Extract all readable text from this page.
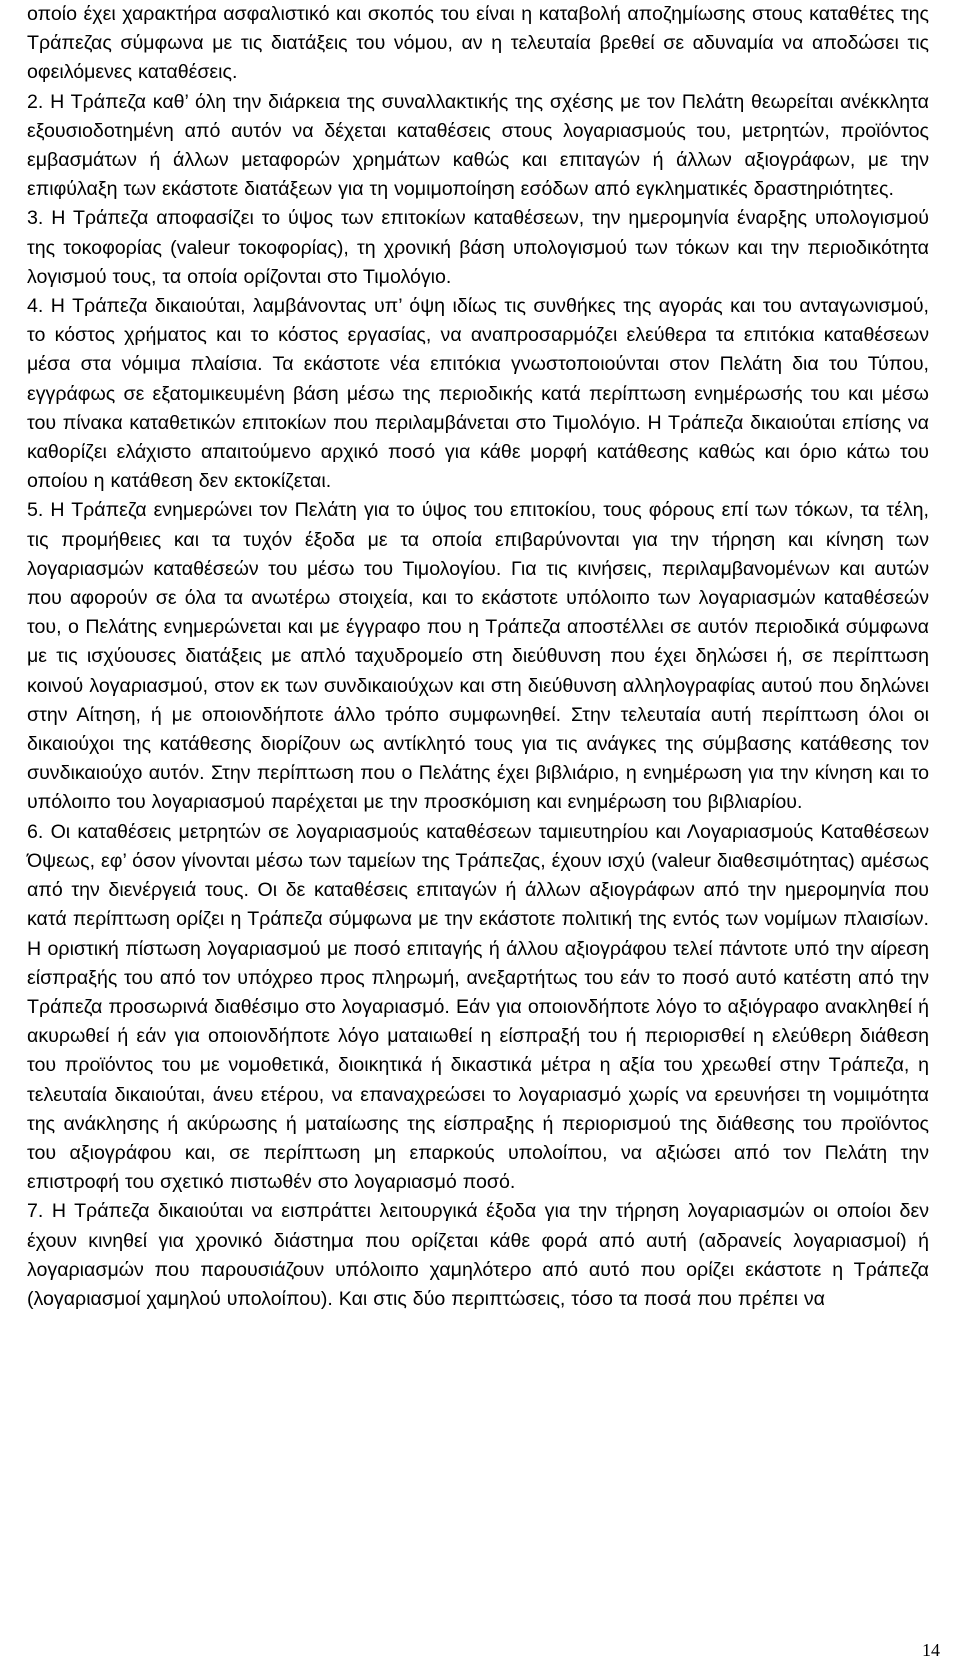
οποίο έχει χαρακτήρα ασφαλιστικό και σκοπός του είναι η καταβολή αποζημίωσης στους καταθέτες της Τράπεζας σύμφωνα με τις διατάξεις του νόμου, αν η τελευταία βρεθεί σε αδυναμία να αποδώσει τις οφειλόμενες καταθέσεις.

2. Η Τράπεζα καθ’ όλη την διάρκεια της συναλλακτικής της σχέσης με τον Πελάτη θεωρείται ανέκκλητα εξουσιοδοτημένη από αυτόν να δέχεται καταθέσεις στους λογαριασμούς του, μετρητών, προϊόντος εμβασμάτων ή άλλων μεταφορών χρημάτων καθώς και επιταγών ή άλλων αξιογράφων, με την επιφύλαξη των εκάστοτε διατάξεων για τη νομιμοποίηση εσόδων από εγκληματικές δραστηριότητες.

3. Η Τράπεζα αποφασίζει το ύψος των επιτοκίων καταθέσεων, την ημερομηνία έναρξης υπολογισμού της τοκοφορίας (valeur τοκοφορίας), τη χρονική βάση υπολογισμού των τόκων και την περιοδικότητα λογισμού τους, τα οποία ορίζονται στο Τιμολόγιο.

4. Η Τράπεζα δικαιούται, λαμβάνοντας υπ’ όψη ιδίως τις συνθήκες της αγοράς και του ανταγωνισμού, το κόστος χρήματος και το κόστος εργασίας, να αναπροσαρμόζει ελεύθερα τα επιτόκια καταθέσεων μέσα στα νόμιμα πλαίσια. Τα εκάστοτε νέα επιτόκια γνωστοποιούνται στον Πελάτη δια του Τύπου, εγγράφως σε εξατομικευμένη βάση μέσω της περιοδικής κατά περίπτωση ενημέρωσής του και μέσω του πίνακα καταθετικών επιτοκίων που περιλαμβάνεται στο Τιμολόγιο. Η Τράπεζα δικαιούται επίσης να καθορίζει ελάχιστο απαιτούμενο αρχικό ποσό για κάθε μορφή κατάθεσης καθώς και όριο κάτω του οποίου η κατάθεση δεν εκτοκίζεται.

5. Η Τράπεζα ενημερώνει τον Πελάτη για το ύψος του επιτοκίου, τους φόρους επί των τόκων, τα τέλη, τις προμήθειες και τα τυχόν έξοδα με τα οποία επιβαρύνονται για την τήρηση και κίνηση των λογαριασμών καταθέσεών του μέσω του Τιμολογίου. Για τις κινήσεις, περιλαμβανομένων και αυτών που αφορούν σε όλα τα ανωτέρω στοιχεία, και το εκάστοτε υπόλοιπο των λογαριασμών καταθέσεών του, ο Πελάτης ενημερώνεται και με έγγραφο που η Τράπεζα αποστέλλει σε αυτόν περιοδικά σύμφωνα με τις ισχύουσες διατάξεις με απλό ταχυδρομείο στη διεύθυνση που έχει δηλώσει ή, σε περίπτωση κοινού λογαριασμού, στον εκ των συνδικαιούχων και στη διεύθυνση αλληλογραφίας αυτού που δηλώνει στην Αίτηση, ή με οποιονδήποτε άλλο τρόπο συμφωνηθεί. Στην τελευταία αυτή περίπτωση όλοι οι δικαιούχοι της κατάθεσης διορίζουν ως αντίκλητό τους για τις ανάγκες της σύμβασης κατάθεσης τον συνδικαιούχο αυτόν. Στην περίπτωση που ο Πελάτης έχει βιβλιάριο, η ενημέρωση για την κίνηση και το υπόλοιπο του λογαριασμού παρέχεται με την προσκόμιση και ενημέρωση του βιβλιαρίου.

6. Οι καταθέσεις μετρητών σε λογαριασμούς καταθέσεων ταμιευτηρίου και Λογαριασμούς Καταθέσεων Όψεως, εφ’ όσον γίνονται μέσω των ταμείων της Τράπεζας, έχουν ισχύ (valeur διαθεσιμότητας) αμέσως από την διενέργειά τους. Οι δε καταθέσεις επιταγών ή άλλων αξιογράφων από την ημερομηνία που κατά περίπτωση ορίζει η Τράπεζα σύμφωνα με την εκάστοτε πολιτική της εντός των νομίμων πλαισίων. Η οριστική πίστωση λογαριασμού με ποσό επιταγής ή άλλου αξιογράφου τελεί πάντοτε υπό την αίρεση είσπραξής του από τον υπόχρεο προς πληρωμή, ανεξαρτήτως του εάν το ποσό αυτό κατέστη από την Τράπεζα προσωρινά διαθέσιμο στο λογαριασμό. Εάν για οποιονδήποτε λόγο το αξιόγραφο ανακληθεί ή ακυρωθεί ή εάν για οποιονδήποτε λόγο ματαιωθεί η είσπραξή του ή περιορισθεί η ελεύθερη διάθεση του προϊόντος του με νομοθετικά, διοικητικά ή δικαστικά μέτρα η αξία του χρεωθεί στην Τράπεζα, η τελευταία δικαιούται, άνευ ετέρου, να επαναχρεώσει το λογαριασμό χωρίς να ερευνήσει τη νομιμότητα της ανάκλησης ή ακύρωσης ή ματαίωσης της είσπραξης ή περιορισμού της διάθεσης του προϊόντος του αξιογράφου και, σε περίπτωση μη επαρκούς υπολοίπου, να αξιώσει από τον Πελάτη την επιστροφή του σχετικό πιστωθέν στο λογαριασμό ποσό.

7. Η Τράπεζα δικαιούται να εισπράττει λειτουργικά έξοδα για την τήρηση λογαριασμών οι οποίοι δεν έχουν κινηθεί για χρονικό διάστημα που ορίζεται κάθε φορά από αυτή (αδρανείς λογαριασμοί) ή λογαριασμών που παρουσιάζουν υπόλοιπο χαμηλότερο από αυτό που ορίζει εκάστοτε η Τράπεζα (λογαριασμοί χαμηλού υπολοίπου). Και στις δύο περιπτώσεις, τόσο τα ποσά που πρέπει να

14
